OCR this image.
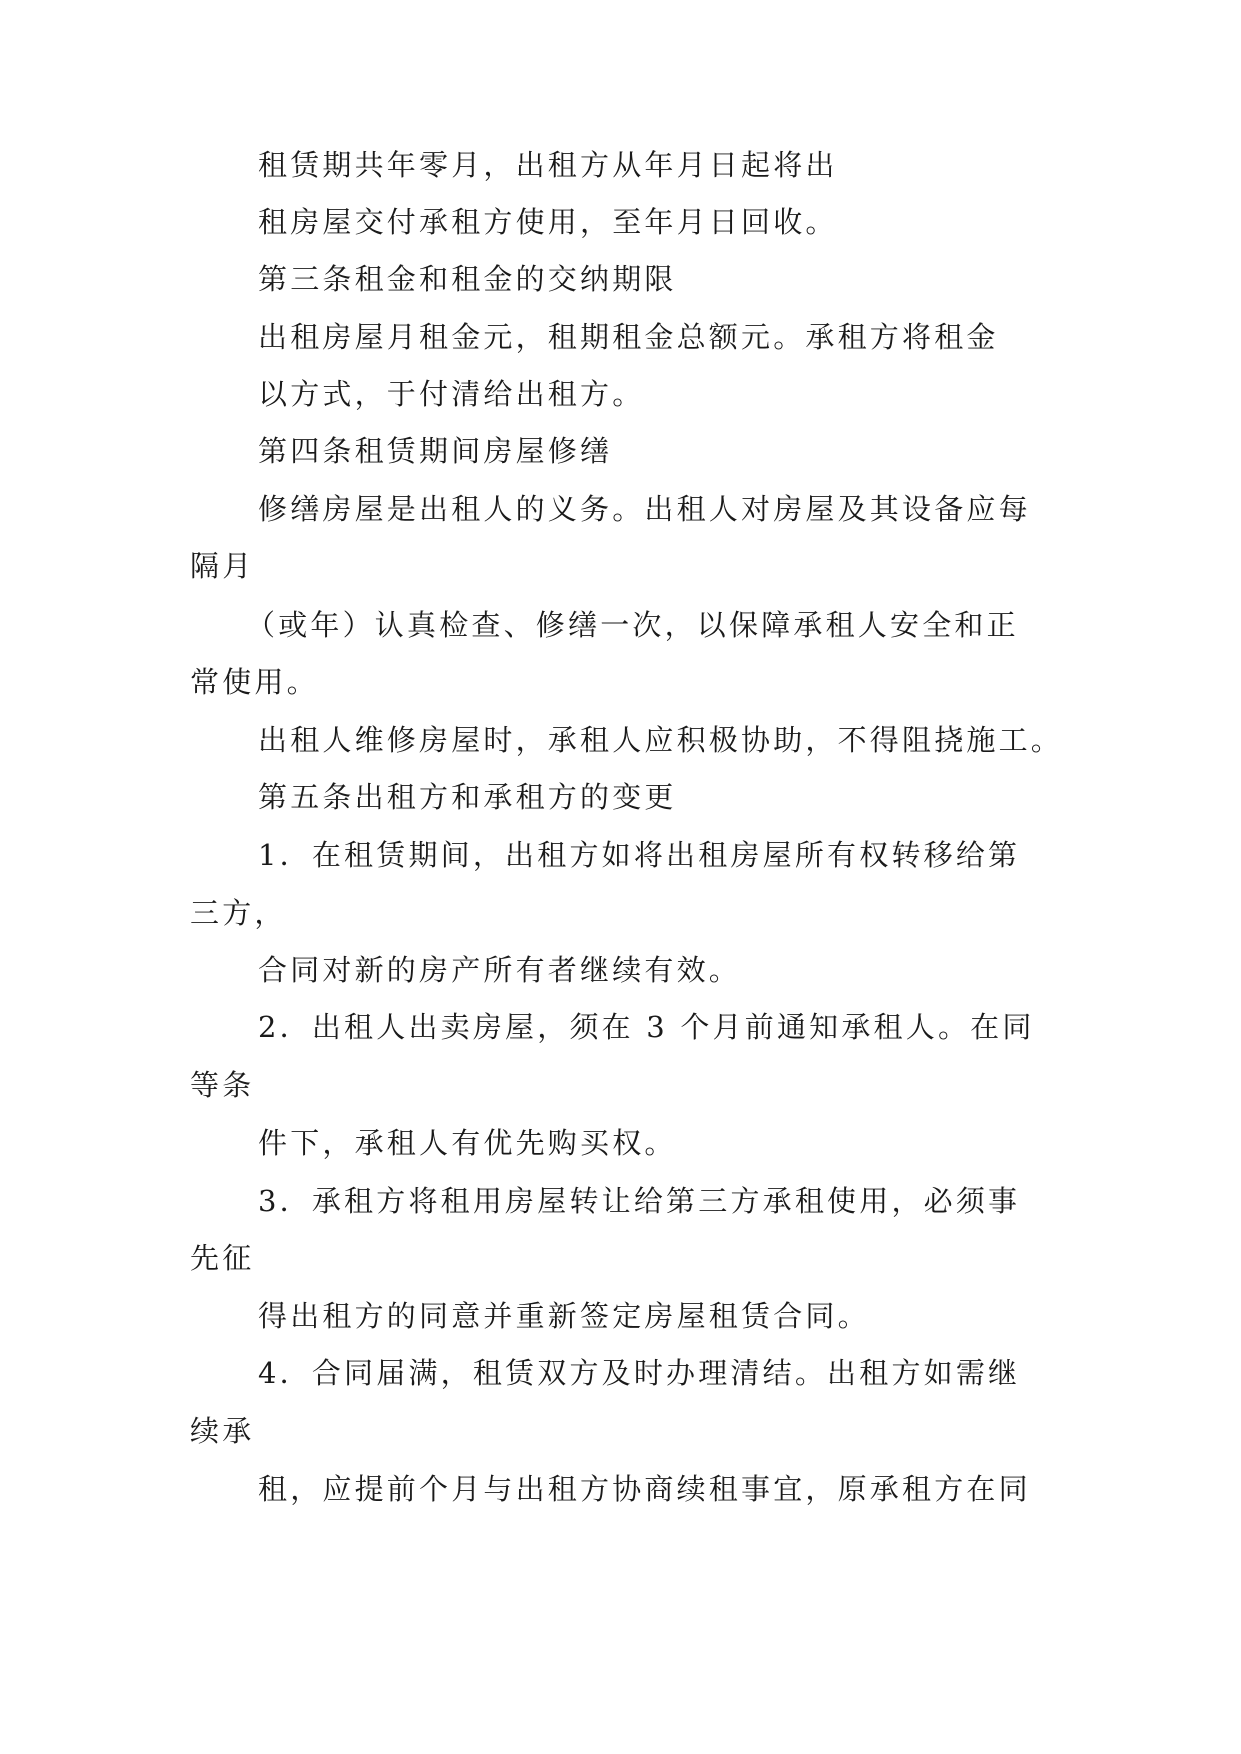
租赁期共年零月，出租方从年月日起将出
租房屋交付承租方使用，至年月日回收。
第三条租金和租金的交纳期限
出租房屋月租金元，租期租金总额元。承租方将租金
以方式，于付清给出租方。
第四条租赁期间房屋修缮
修缮房屋是出租人的义务。出租人对房屋及其设备应每
隔月
（或年）认真检查、修缮一次，以保障承租人安全和正
常使用。
出租人维修房屋时，承租人应积极协助，不得阻挠施工。
第五条出租方和承租方的变更
1．在租赁期间，出租方如将出租房屋所有权转移给第
三方，
合同对新的房产所有者继续有效。
2．出租人出卖房屋，须在 3 个月前通知承租人。在同
等条
件下，承租人有优先购买权。
3．承租方将租用房屋转让给第三方承租使用，必须事
先征
得出租方的同意并重新签定房屋租赁合同。
4．合同届满，租赁双方及时办理清结。出租方如需继
续承
租，应提前个月与出租方协商续租事宜，原承租方在同
